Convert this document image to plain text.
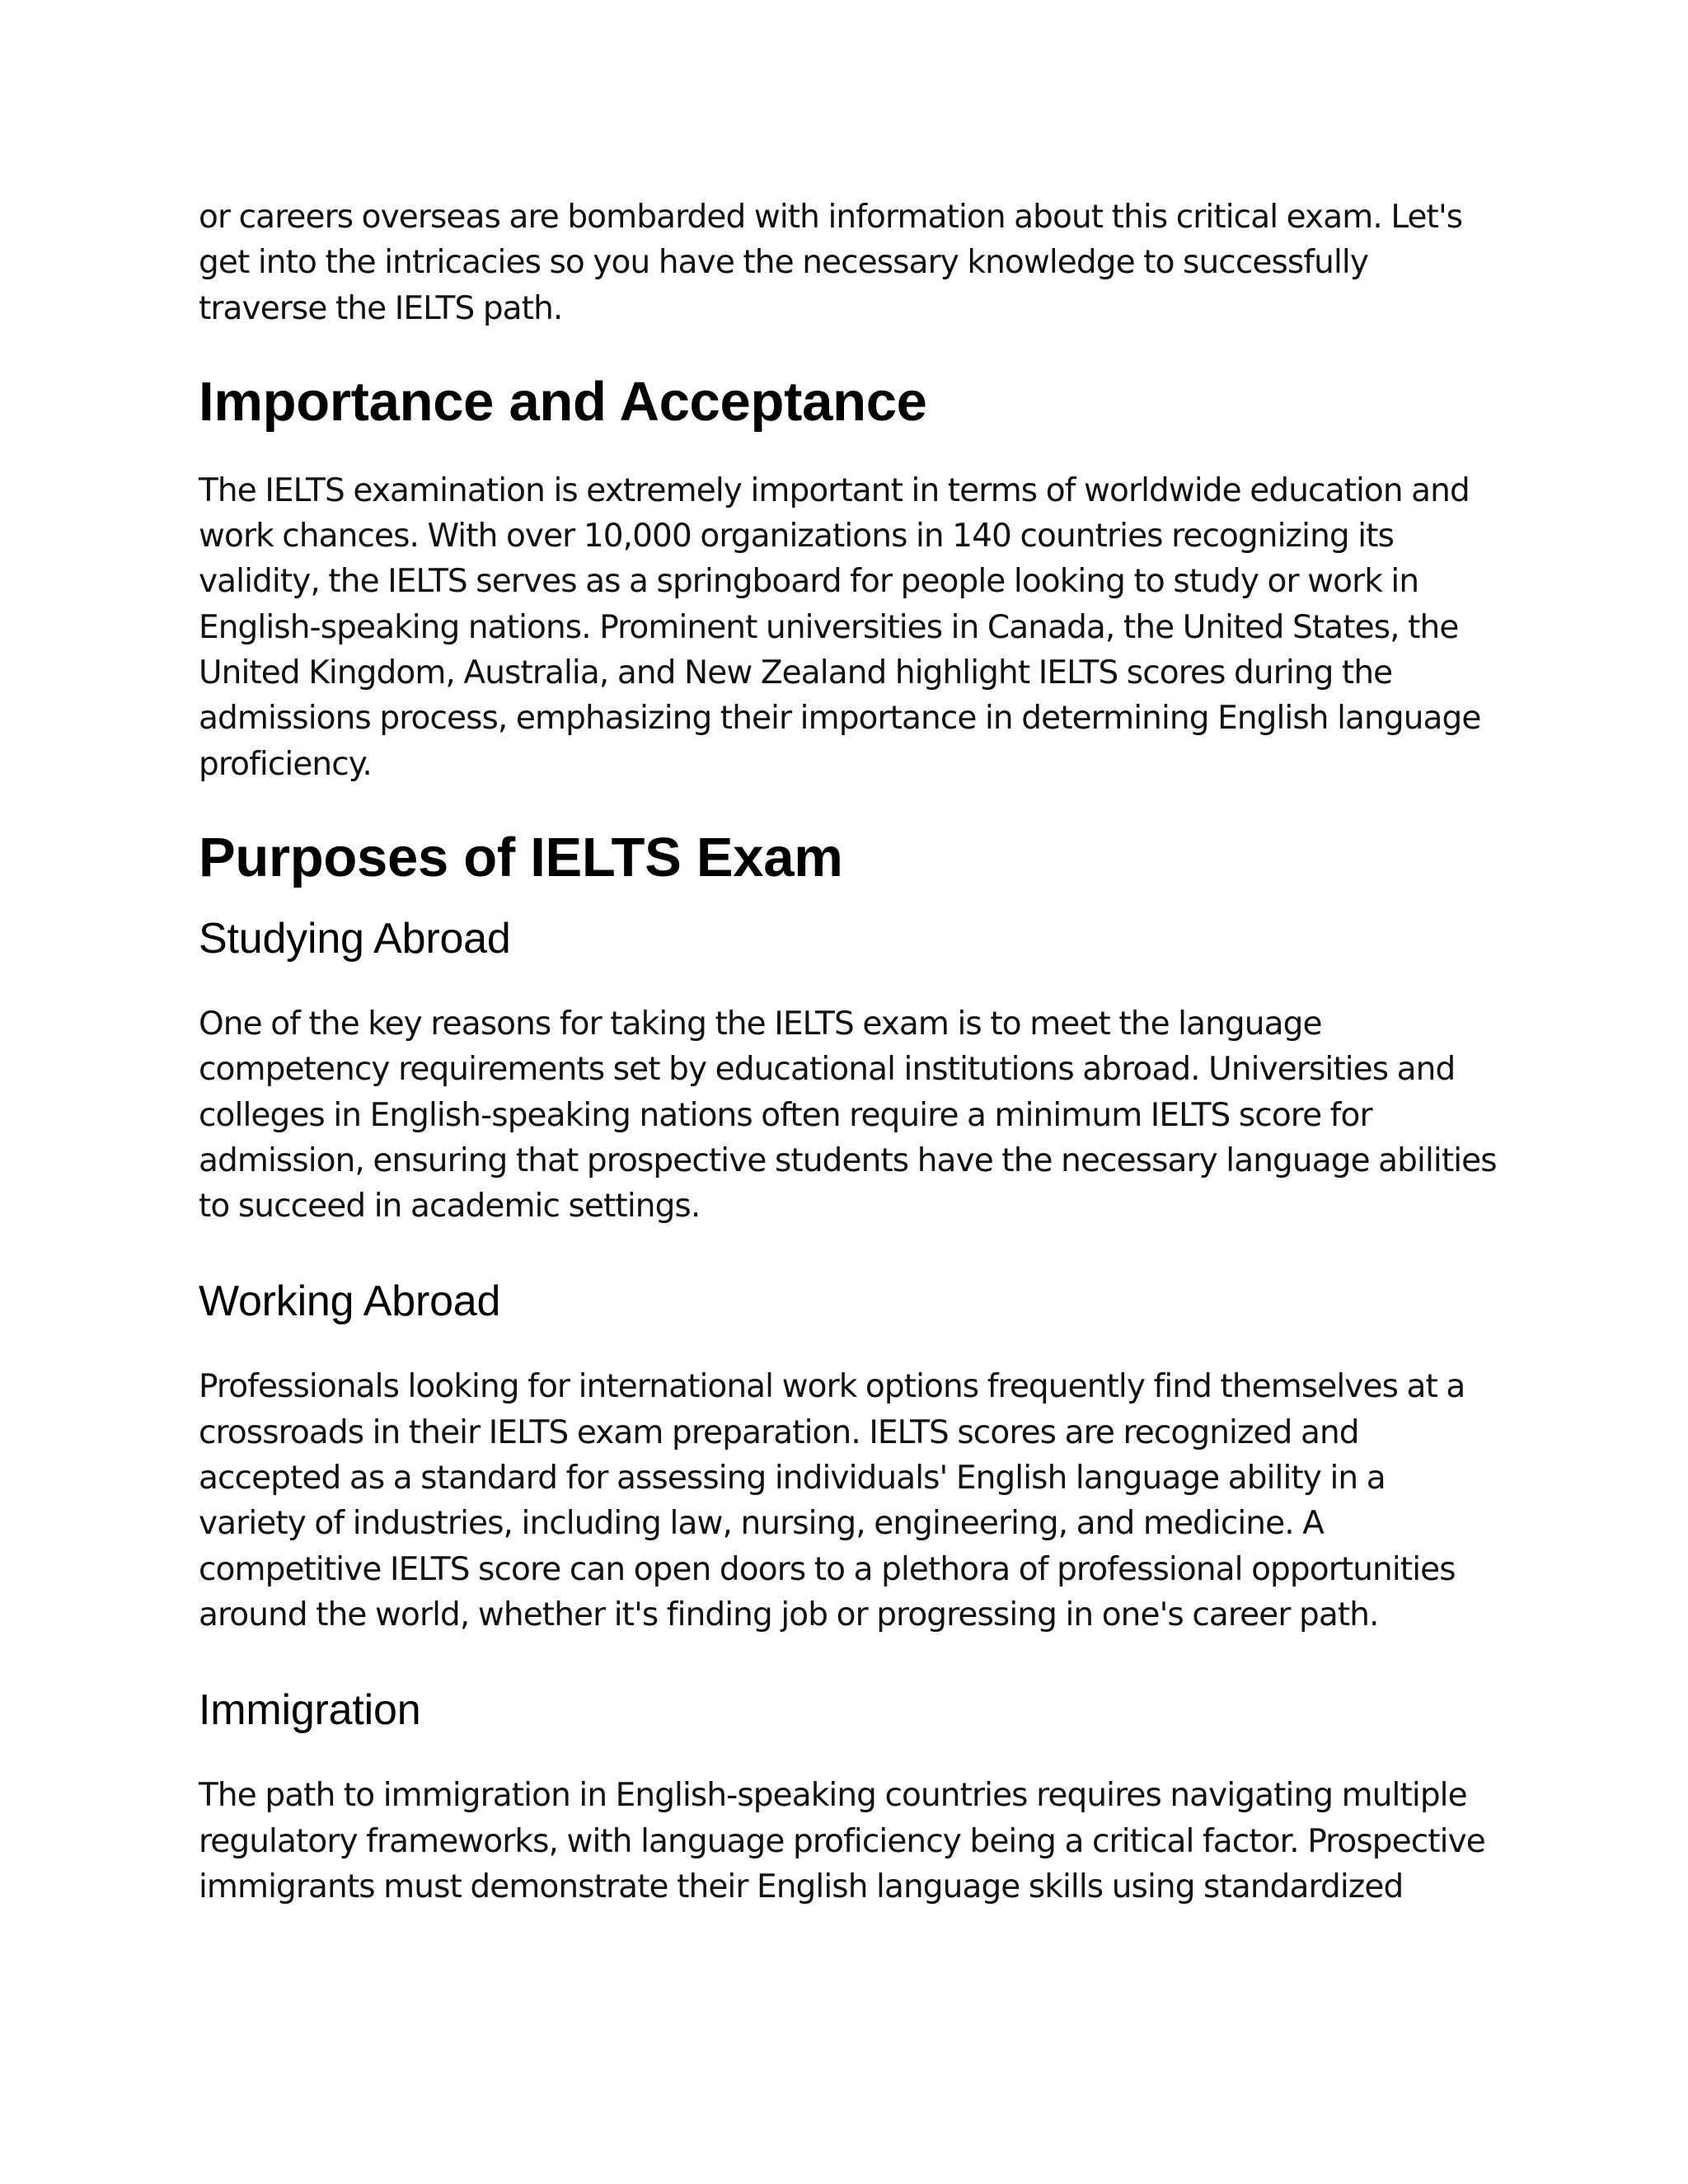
or careers overseas are bombarded with information about this critical exam. Let's get into the intricacies so you have the necessary knowledge to successfully traverse the IELTS path.

Importance and Acceptance

The IELTS examination is extremely important in terms of worldwide education and work chances. With over 10,000 organizations in 140 countries recognizing its validity, the IELTS serves as a springboard for people looking to study or work in English-speaking nations. Prominent universities in Canada, the United States, the United Kingdom, Australia, and New Zealand highlight IELTS scores during the admissions process, emphasizing their importance in determining English language proficiency.

Purposes of IELTS Exam
Studying Abroad

One of the key reasons for taking the IELTS exam is to meet the language competency requirements set by educational institutions abroad. Universities and colleges in English-speaking nations often require a minimum IELTS score for admission, ensuring that prospective students have the necessary language abilities to succeed in academic settings.

Working Abroad

Professionals looking for international work options frequently find themselves at a crossroads in their IELTS exam preparation. IELTS scores are recognized and accepted as a standard for assessing individuals' English language ability in a variety of industries, including law, nursing, engineering, and medicine. A competitive IELTS score can open doors to a plethora of professional opportunities around the world, whether it's finding job or progressing in one's career path.

Immigration

The path to immigration in English-speaking countries requires navigating multiple regulatory frameworks, with language proficiency being a critical factor. Prospective immigrants must demonstrate their English language skills using standardized
